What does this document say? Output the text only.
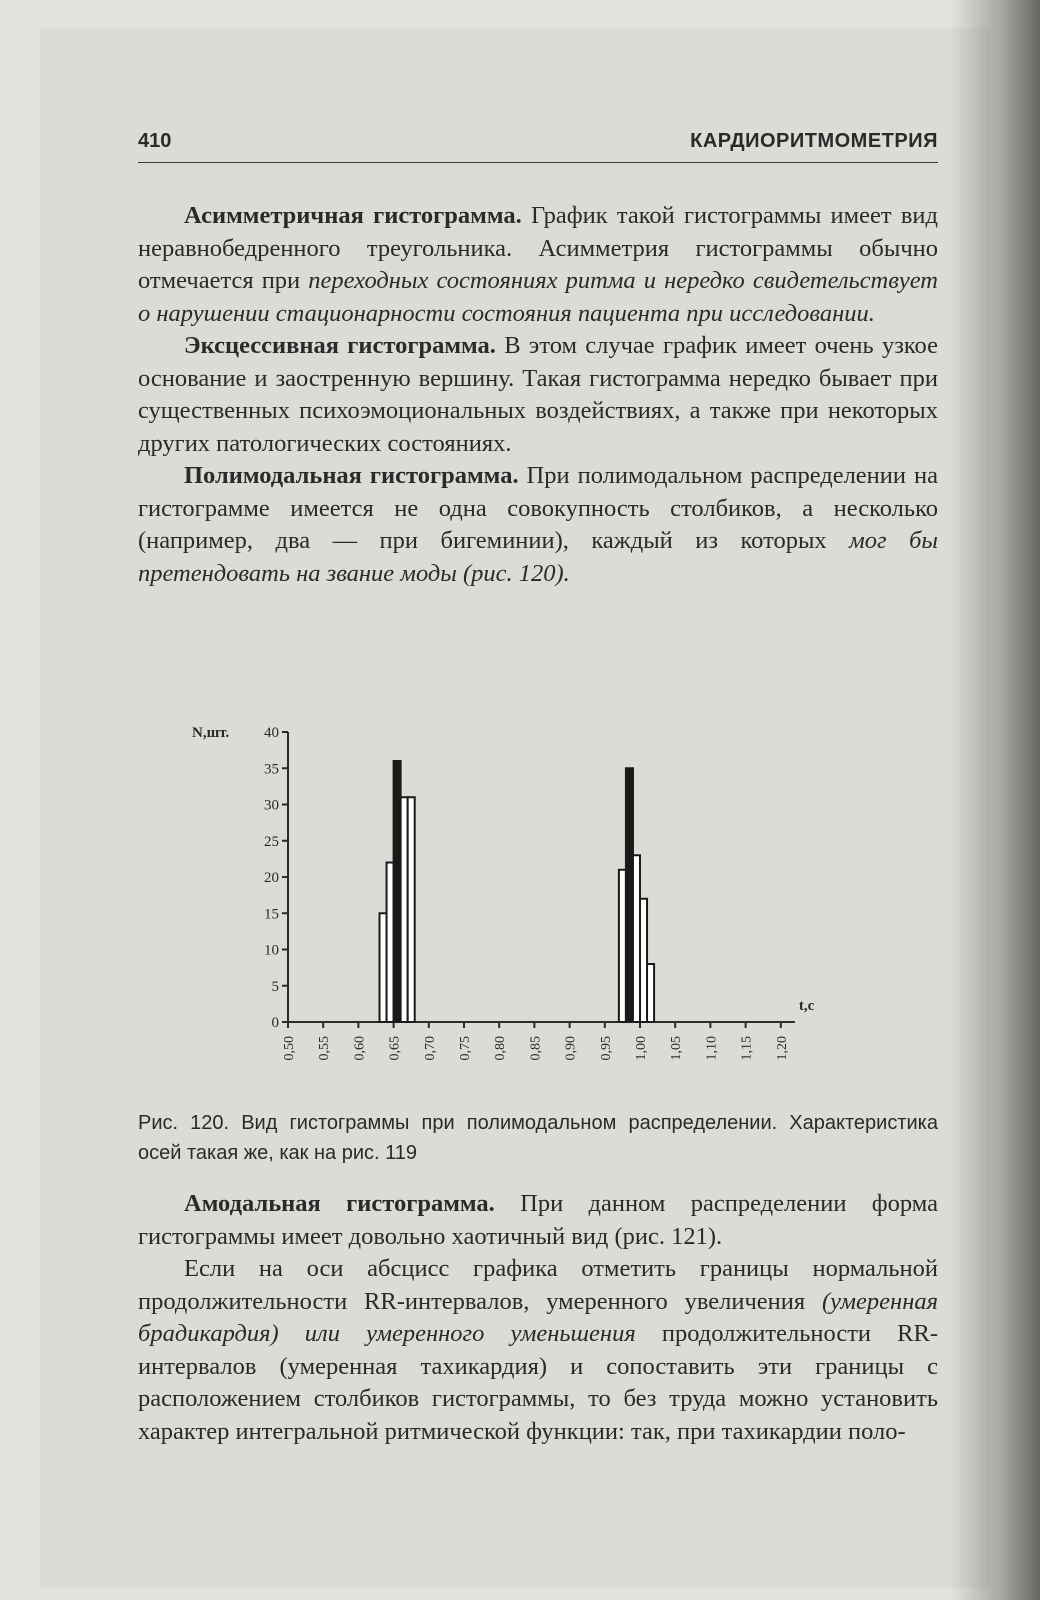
410	КАРДИОРИТМОМЕТРИЯ

Асимметричная гистограмма. График такой гистограммы имеет вид неравнобедренного треугольника. Асимметрия гистограммы обычно отмечается при переходных состояниях ритма и нередко свидетельствует о нарушении стационарности состояния пациента при исследовании.

Эксцессивная гистограмма. В этом случае график имеет очень узкое основание и заостренную вершину. Такая гистограмма нередко бывает при существенных психоэмоциональных воздействиях, а также при некоторых других патологических состояниях.

Полимодальная гистограмма. При полимодальном распределении на гистограмме имеется не одна совокупность столбиков, а несколько (например, два — при бигеминии), каждый из которых мог бы претендовать на звание моды (рис. 120).

0
5
10
15
20
25
30
35
40
N,шт.
0,50 0,55 0,60 0,65 0,70 0,75 0,80 0,85 0,90 0,95 1,00 1,05 1,10 1,15 1,20
t,c
Рис. 120. Вид гистограммы при полимодальном распределении. Характеристика осей такая же, как на рис. 119

Амодальная гистограмма. При данном распределении форма гистограммы имеет довольно хаотичный вид (рис. 121).

Если на оси абсцисс графика отметить границы нормальной продолжительности RR-интервалов, умеренного увеличения (умеренная брадикардия) или умеренного уменьшения продолжительности RR-интервалов (умеренная тахикардия) и сопоставить эти границы с расположением столбиков гистограммы, то без труда можно установить характер интегральной ритмической функции: так, при тахикардии поло-
